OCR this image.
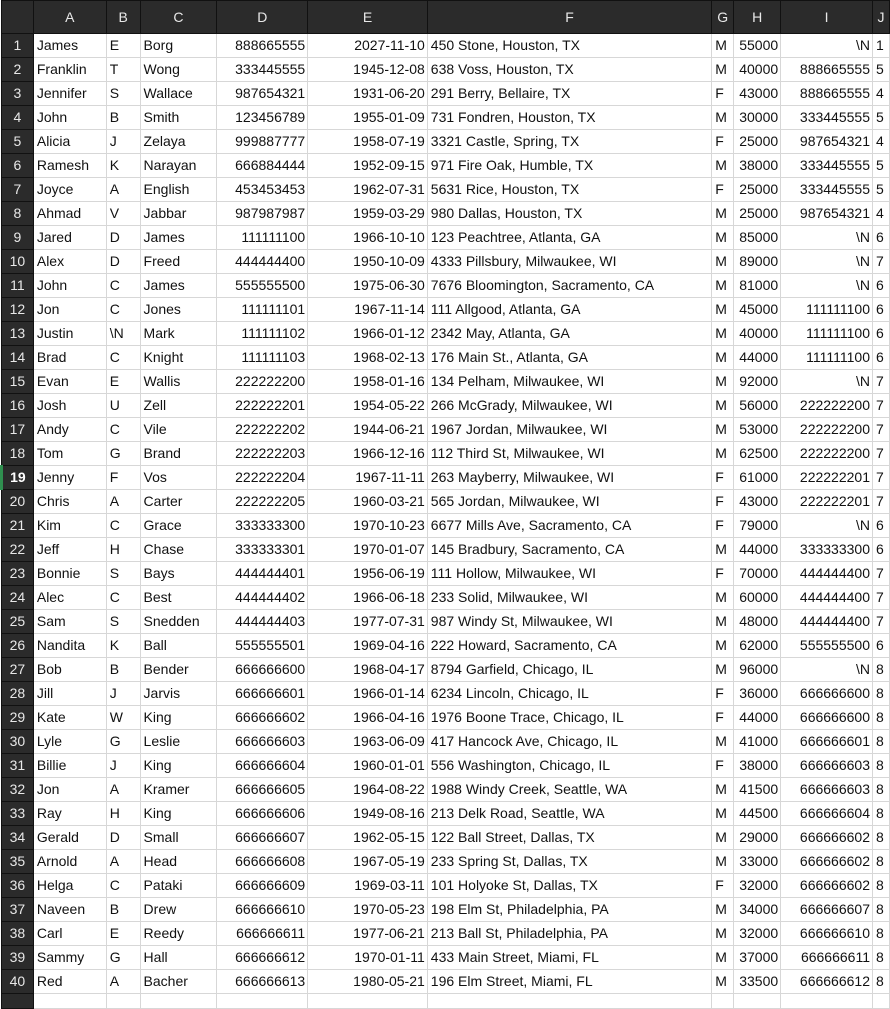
	A	B	C	D	E	F	G	H	I	J
1	James	E	Borg	888665555	2027-11-10	450 Stone, Houston, TX	M	55000	\N	1
2	Franklin	T	Wong	333445555	1945-12-08	638 Voss, Houston, TX	M	40000	888665555	5
3	Jennifer	S	Wallace	987654321	1931-06-20	291 Berry, Bellaire, TX	F	43000	888665555	4
4	John	B	Smith	123456789	1955-01-09	731 Fondren, Houston, TX	M	30000	333445555	5
5	Alicia	J	Zelaya	999887777	1958-07-19	3321 Castle, Spring, TX	F	25000	987654321	4
6	Ramesh	K	Narayan	666884444	1952-09-15	971 Fire Oak, Humble, TX	M	38000	333445555	5
7	Joyce	A	English	453453453	1962-07-31	5631 Rice, Houston, TX	F	25000	333445555	5
8	Ahmad	V	Jabbar	987987987	1959-03-29	980 Dallas, Houston, TX	M	25000	987654321	4
9	Jared	D	James	111111100	1966-10-10	123 Peachtree, Atlanta, GA	M	85000	\N	6
10	Alex	D	Freed	444444400	1950-10-09	4333 Pillsbury, Milwaukee, WI	M	89000	\N	7
11	John	C	James	555555500	1975-06-30	7676 Bloomington, Sacramento, CA	M	81000	\N	6
12	Jon	C	Jones	111111101	1967-11-14	111 Allgood, Atlanta, GA	M	45000	111111100	6
13	Justin	\N	Mark	111111102	1966-01-12	2342 May, Atlanta, GA	M	40000	111111100	6
14	Brad	C	Knight	111111103	1968-02-13	176 Main St., Atlanta, GA	M	44000	111111100	6
15	Evan	E	Wallis	222222200	1958-01-16	134 Pelham, Milwaukee, WI	M	92000	\N	7
16	Josh	U	Zell	222222201	1954-05-22	266 McGrady, Milwaukee, WI	M	56000	222222200	7
17	Andy	C	Vile	222222202	1944-06-21	1967 Jordan, Milwaukee, WI	M	53000	222222200	7
18	Tom	G	Brand	222222203	1966-12-16	112 Third St, Milwaukee, WI	M	62500	222222200	7
19	Jenny	F	Vos	222222204	1967-11-11	263 Mayberry, Milwaukee, WI	F	61000	222222201	7
20	Chris	A	Carter	222222205	1960-03-21	565 Jordan, Milwaukee, WI	F	43000	222222201	7
21	Kim	C	Grace	333333300	1970-10-23	6677 Mills Ave, Sacramento, CA	F	79000	\N	6
22	Jeff	H	Chase	333333301	1970-01-07	145 Bradbury, Sacramento, CA	M	44000	333333300	6
23	Bonnie	S	Bays	444444401	1956-06-19	111 Hollow, Milwaukee, WI	F	70000	444444400	7
24	Alec	C	Best	444444402	1966-06-18	233 Solid, Milwaukee, WI	M	60000	444444400	7
25	Sam	S	Snedden	444444403	1977-07-31	987 Windy St, Milwaukee, WI	M	48000	444444400	7
26	Nandita	K	Ball	555555501	1969-04-16	222 Howard, Sacramento, CA	M	62000	555555500	6
27	Bob	B	Bender	666666600	1968-04-17	8794 Garfield, Chicago, IL	M	96000	\N	8
28	Jill	J	Jarvis	666666601	1966-01-14	6234 Lincoln, Chicago, IL	F	36000	666666600	8
29	Kate	W	King	666666602	1966-04-16	1976 Boone Trace, Chicago, IL	F	44000	666666600	8
30	Lyle	G	Leslie	666666603	1963-06-09	417 Hancock Ave, Chicago, IL	M	41000	666666601	8
31	Billie	J	King	666666604	1960-01-01	556 Washington, Chicago, IL	F	38000	666666603	8
32	Jon	A	Kramer	666666605	1964-08-22	1988 Windy Creek, Seattle, WA	M	41500	666666603	8
33	Ray	H	King	666666606	1949-08-16	213 Delk Road, Seattle, WA	M	44500	666666604	8
34	Gerald	D	Small	666666607	1962-05-15	122 Ball Street, Dallas, TX	M	29000	666666602	8
35	Arnold	A	Head	666666608	1967-05-19	233 Spring St, Dallas, TX	M	33000	666666602	8
36	Helga	C	Pataki	666666609	1969-03-11	101 Holyoke St, Dallas, TX	F	32000	666666602	8
37	Naveen	B	Drew	666666610	1970-05-23	198 Elm St, Philadelphia, PA	M	34000	666666607	8
38	Carl	E	Reedy	666666611	1977-06-21	213 Ball St, Philadelphia, PA	M	32000	666666610	8
39	Sammy	G	Hall	666666612	1970-01-11	433 Main Street, Miami, FL	M	37000	666666611	8
40	Red	A	Bacher	666666613	1980-05-21	196 Elm Street, Miami, FL	M	33500	666666612	8
